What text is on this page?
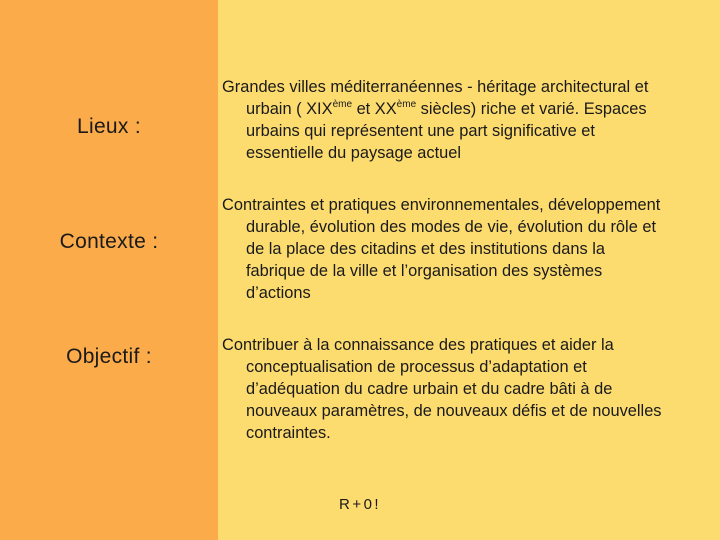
Lieux :
Contexte :
Objectif :
Grandes villes méditerranéennes - héritage architectural et
urbain ( XIXème et XXème siècles) riche et varié. Espaces
urbains qui représentent une part significative et
essentielle du paysage actuel
Contraintes et pratiques environnementales, développement
durable, évolution des modes de vie, évolution du rôle et
de la place des citadins et des institutions dans la
fabrique de la ville et l’organisation des systèmes
d’actions
Contribuer à la connaissance des pratiques et aider la
conceptualisation de processus d’adaptation et
d’adéquation du cadre urbain et du cadre bâti à de
nouveaux paramètres, de nouveaux défis et de nouvelles
contraintes.
R+0!
